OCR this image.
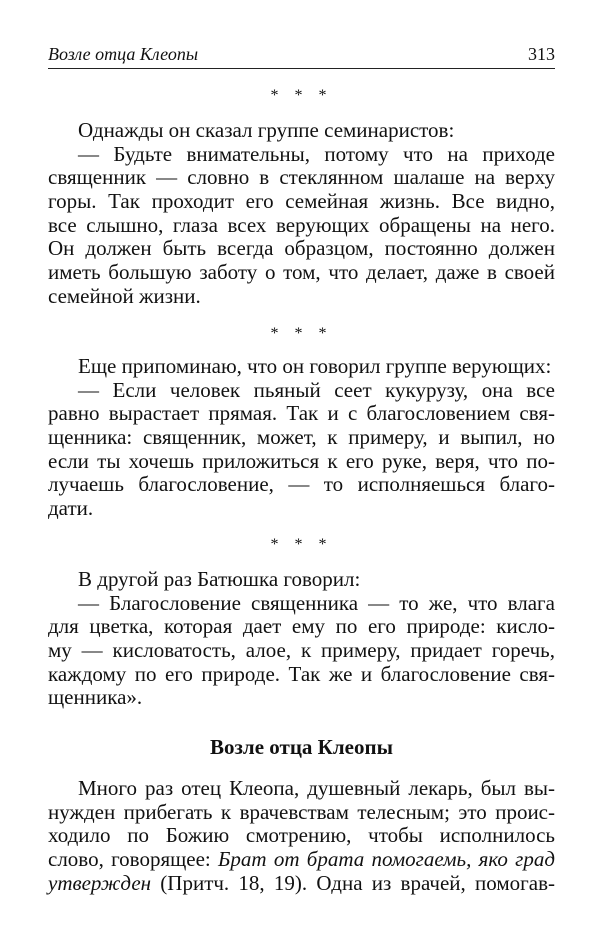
Возле отца Клеопы	313
* * *
Однажды он сказал группе семинаристов:
— Будьте внимательны, потому что на приходе
священник — словно в стеклянном шалаше на верху
горы. Так проходит его семейная жизнь. Все видно,
все слышно, глаза всех верующих обращены на него.
Он должен быть всегда образцом, постоянно должен
иметь большую заботу о том, что делает, даже в своей
семейной жизни.
* * *
Еще припоминаю, что он говорил группе верующих:
— Если человек пьяный сеет кукурузу, она все
равно вырастает прямая. Так и с благословением свя-
щенника: священник, может, к примеру, и выпил, но
если ты хочешь приложиться к его руке, веря, что по-
лучаешь благословение, — то исполняешься благо-
дати.
* * *
В другой раз Батюшка говорил:
— Благословение священника — то же, что влага
для цветка, которая дает ему по его природе: кисло-
му — кисловатость, алое, к примеру, придает горечь,
каждому по его природе. Так же и благословение свя-
щенника».
Возле отца Клеопы
Много раз отец Клеопа, душевный лекарь, был вы-
нужден прибегать к врачевствам телесным; это проис-
ходило по Божию смотрению, чтобы исполнилось
слово, говорящее: Брат от брата помогаемь, яко град
утвержден (Притч. 18, 19). Одна из врачей, помогав-
